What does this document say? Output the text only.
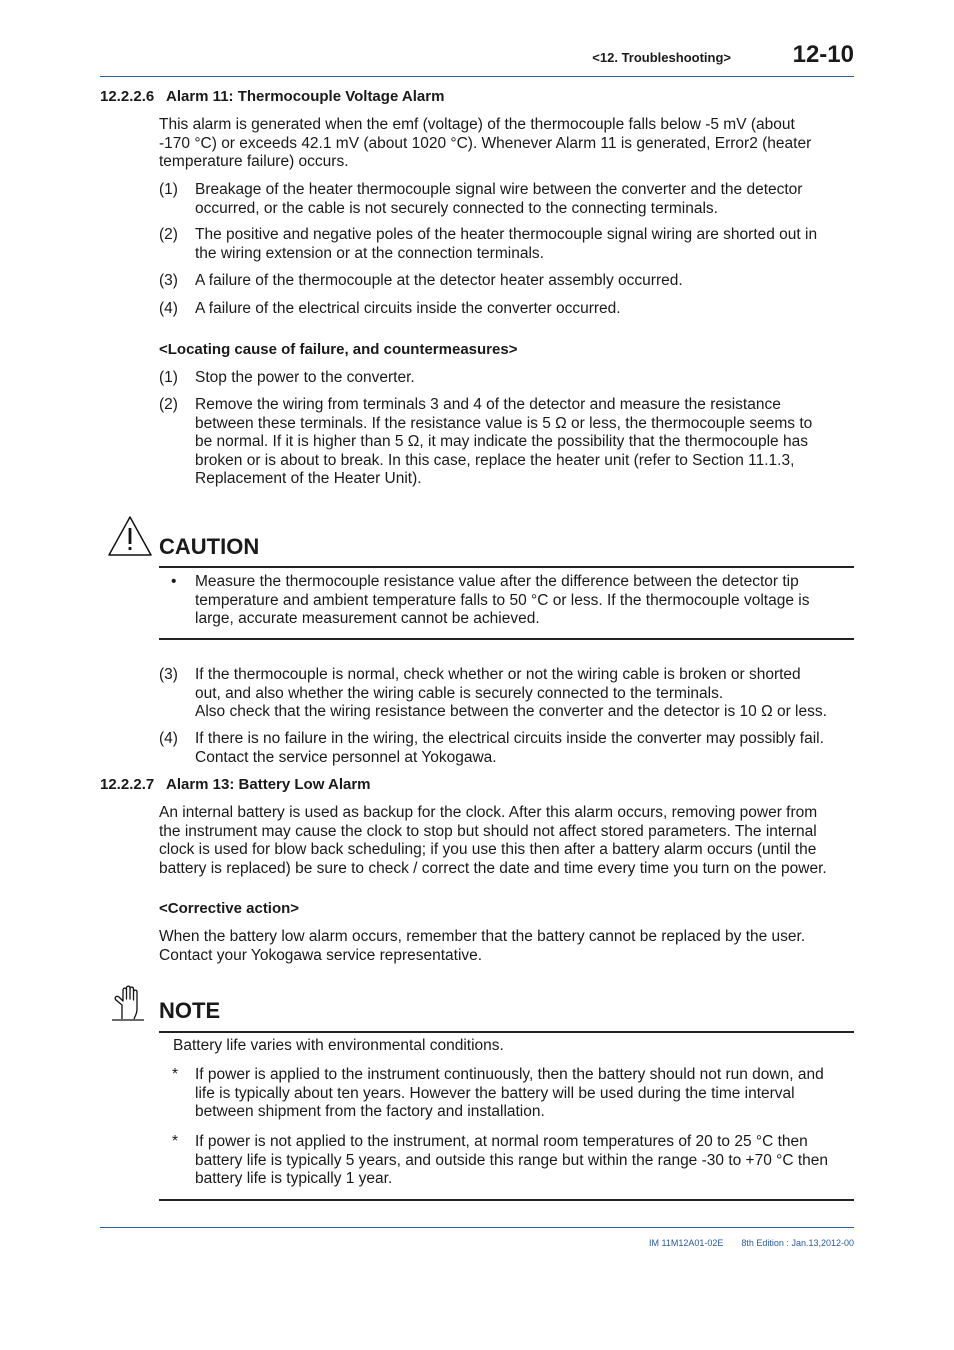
<12. Troubleshooting>	12-10
12.2.2.6 Alarm 11: Thermocouple Voltage Alarm
This alarm is generated when the emf (voltage) of the thermocouple falls below -5 mV (about
-170 °C) or exceeds 42.1 mV (about 1020 °C). Whenever Alarm 11 is generated, Error2 (heater
temperature failure) occurs.
(1) Breakage of the heater thermocouple signal wire between the converter and the detector
occurred, or the cable is not securely connected to the connecting terminals.
(2) The positive and negative poles of the heater thermocouple signal wiring are shorted out in
the wiring extension or at the connection terminals.
(3) A failure of the thermocouple at the detector heater assembly occurred.
(4) A failure of the electrical circuits inside the converter occurred.
<Locating cause of failure, and countermeasures>
(1) Stop the power to the converter.
(2) Remove the wiring from terminals 3 and 4 of the detector and measure the resistance
between these terminals. If the resistance value is 5 Ω or less, the thermocouple seems to
be normal. If it is higher than 5 Ω, it may indicate the possibility that the thermocouple has
broken or is about to break. In this case, replace the heater unit (refer to Section 11.1.3,
Replacement of the Heater Unit).
CAUTION
• Measure the thermocouple resistance value after the difference between the detector tip
temperature and ambient temperature falls to 50 °C or less. If the thermocouple voltage is
large, accurate measurement cannot be achieved.
(3) If the thermocouple is normal, check whether or not the wiring cable is broken or shorted
out, and also whether the wiring cable is securely connected to the terminals.
Also check that the wiring resistance between the converter and the detector is 10 Ω or less.
(4) If there is no failure in the wiring, the electrical circuits inside the converter may possibly fail.
Contact the service personnel at Yokogawa.
12.2.2.7 Alarm 13: Battery Low Alarm
An internal battery is used as backup for the clock. After this alarm occurs, removing power from
the instrument may cause the clock to stop but should not affect stored parameters. The internal
clock is used for blow back scheduling; if you use this then after a battery alarm occurs (until the
battery is replaced) be sure to check / correct the date and time every time you turn on the power.
<Corrective action>
When the battery low alarm occurs, remember that the battery cannot be replaced by the user.
Contact your Yokogawa service representative.
NOTE
Battery life varies with environmental conditions.
* If power is applied to the instrument continuously, then the battery should not run down, and
life is typically about ten years. However the battery will be used during the time interval
between shipment from the factory and installation.
* If power is not applied to the instrument, at normal room temperatures of 20 to 25 °C then
battery life is typically 5 years, and outside this range but within the range -30 to +70 °C then
battery life is typically 1 year.
IM 11M12A01-02E 8th Edition : Jan.13,2012-00
